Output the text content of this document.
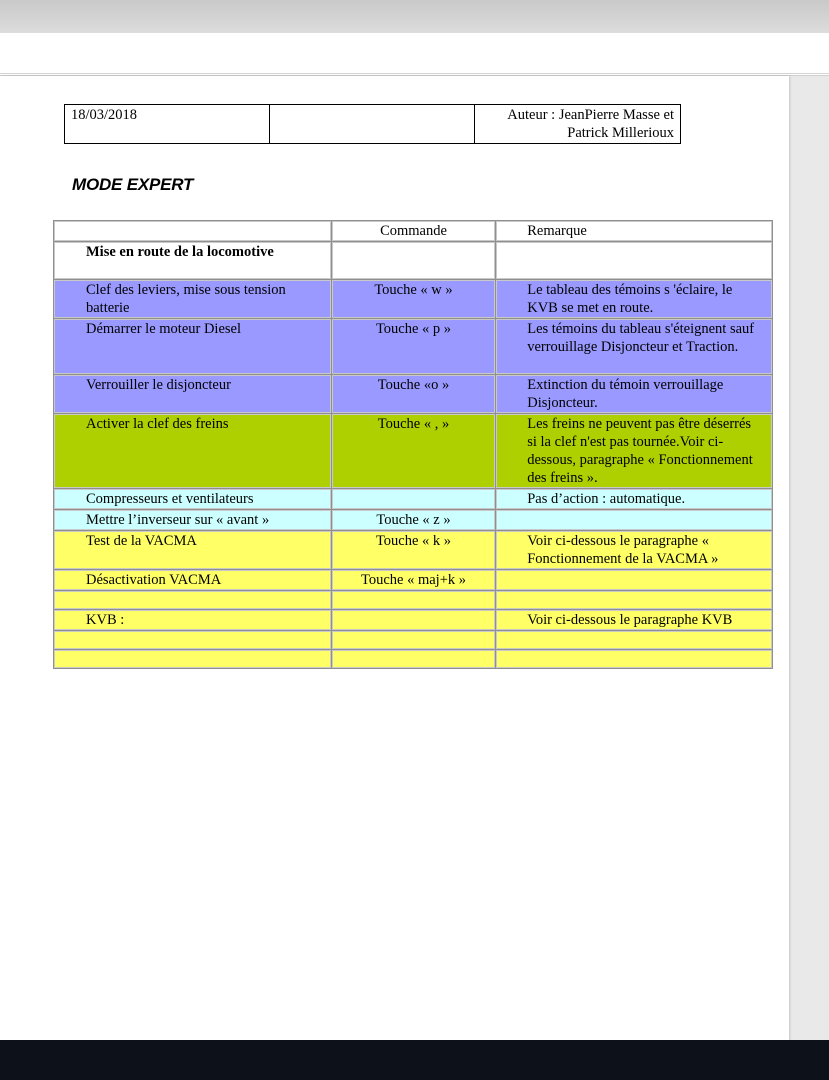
18/03/2018		Auteur : JeanPierre Masse et
Patrick Millerioux
MODE EXPERT
	Commande	Remarque
Mise en route de la locomotive		
Clef des leviers, mise sous tension batterie	Touche « w »	Le tableau des témoins s 'éclaire, le KVB se met en route.
Démarrer le moteur Diesel	Touche « p »	Les témoins du tableau s'éteignent sauf verrouillage Disjoncteur et Traction.
Verrouiller le disjoncteur	Touche «o »	Extinction du témoin verrouillage Disjoncteur.
Activer la clef des freins	Touche « , »	Les freins ne peuvent pas être déserrés si la clef n'est pas tournée.Voir ci-dessous, paragraphe « Fonctionnement des freins ».
Compresseurs et ventilateurs		Pas d’action : automatique.
Mettre l’inverseur sur « avant »	Touche « z »	
Test de la VACMA	Touche « k »	Voir ci-dessous le paragraphe « Fonctionnement de la VACMA »
Désactivation VACMA	Touche « maj+k »	

KVB :		Voir ci-dessous le paragraphe KVB
